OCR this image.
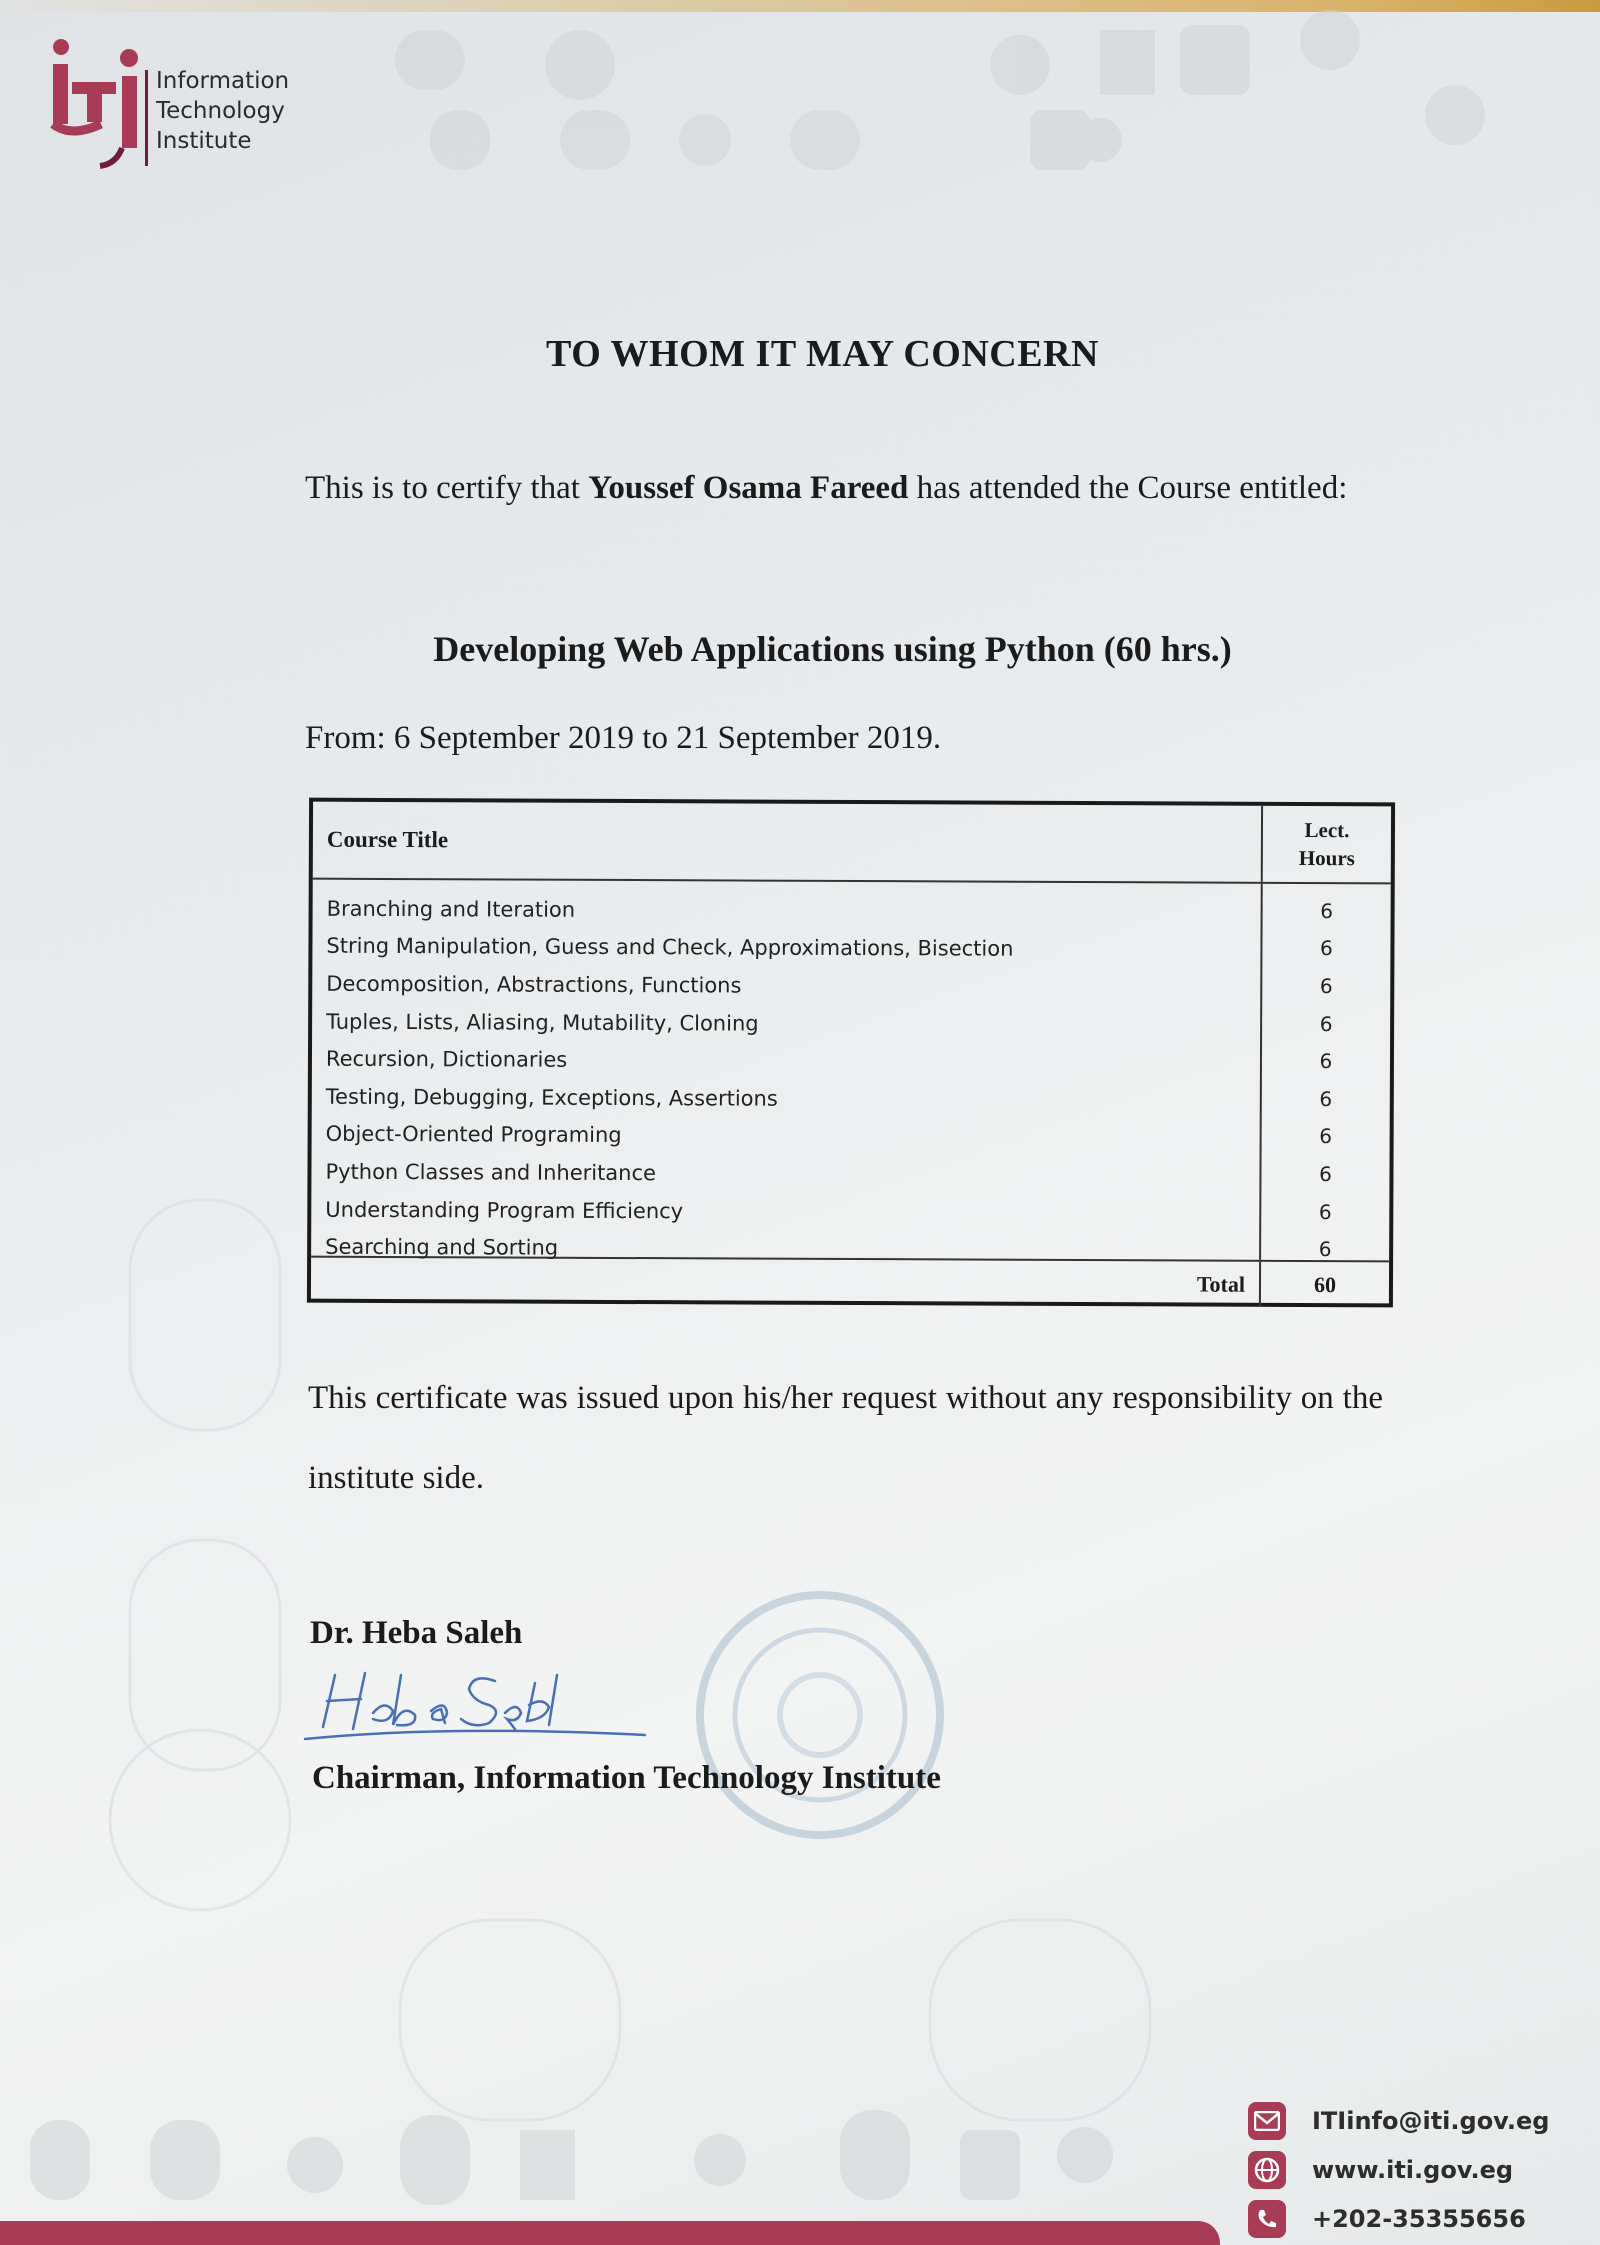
Information
Technology
Institute
TO WHOM IT MAY CONCERN
This is to certify that Youssef Osama Fareed has attended the Course entitled:
Developing Web Applications using Python (60 hrs.)
From: 6 September 2019 to 21 September 2019.
Course Title	Lect.
Hours
Branching and Iteration
String Manipulation, Guess and Check, Approximations, Bisection
Decomposition, Abstractions, Functions
Tuples, Lists, Aliasing, Mutability, Cloning
Recursion, Dictionaries
Testing, Debugging, Exceptions, Assertions
Object-Oriented Programing
Python Classes and Inheritance
Understanding Program Efficiency
Searching and Sorting
6
6
6
6
6
6
6
6
6
6
Total	60
This certificate was issued upon his/her request without any responsibility on the institute side.
Dr. Heba Saleh
Chairman, Information Technology Institute
ITIinfo@iti.gov.eg
www.iti.gov.eg
+202-35355656
